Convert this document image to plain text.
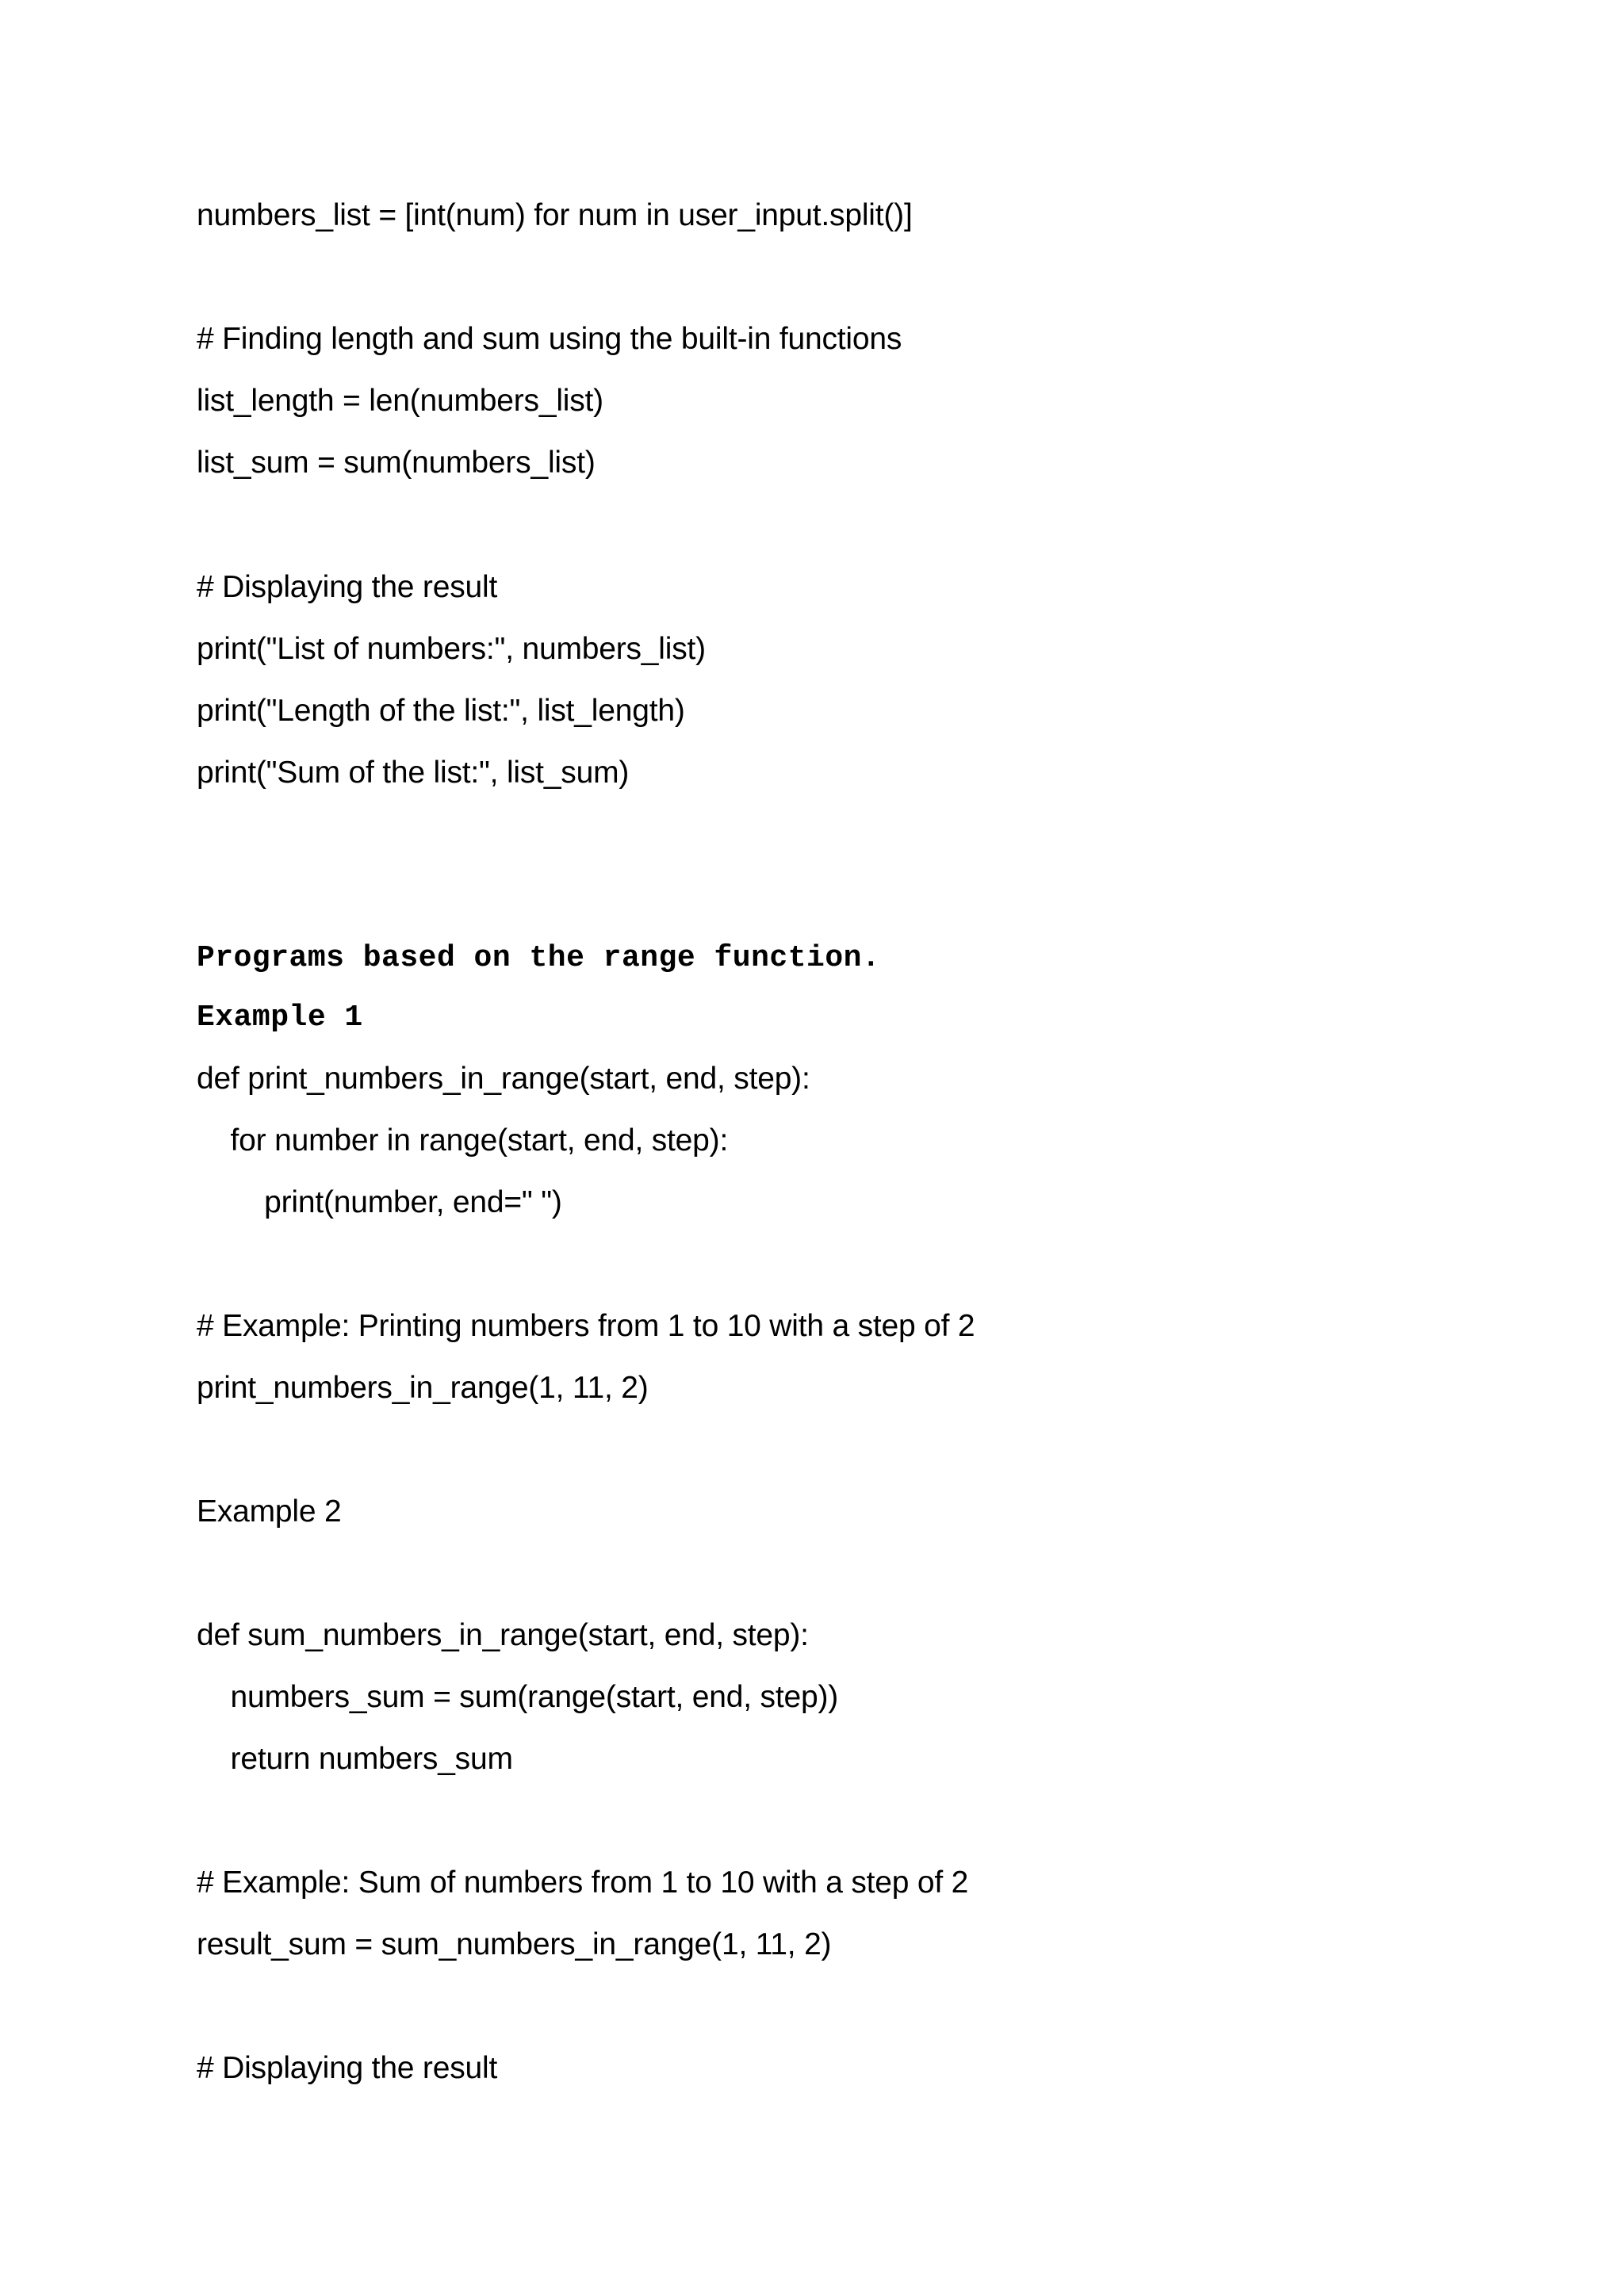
numbers_list = [int(num) for num in user_input.split()]

# Finding length and sum using the built-in functions

list_length = len(numbers_list)

list_sum = sum(numbers_list)

# Displaying the result

print("List of numbers:", numbers_list)

print("Length of the list:", list_length)

print("Sum of the list:", list_sum)

Programs based on the range function.

Example 1

def print_numbers_in_range(start, end, step):

for number in range(start, end, step):

print(number, end=" ")

# Example: Printing numbers from 1 to 10 with a step of 2

print_numbers_in_range(1, 11, 2)

Example 2

def sum_numbers_in_range(start, end, step):

numbers_sum = sum(range(start, end, step))

return numbers_sum

# Example: Sum of numbers from 1 to 10 with a step of 2

result_sum = sum_numbers_in_range(1, 11, 2)

# Displaying the result
